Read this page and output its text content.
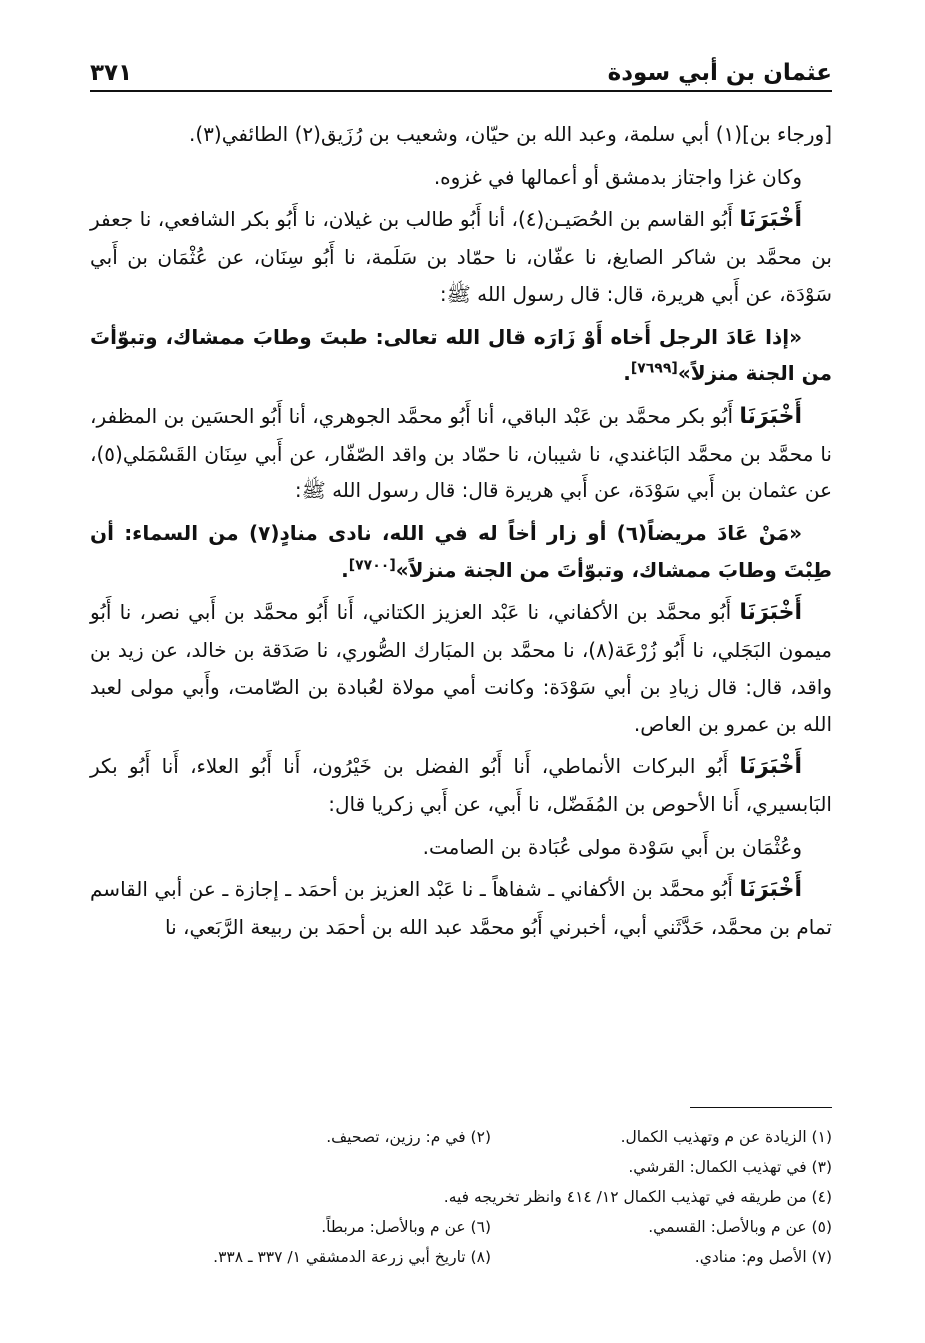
عثمان بن أبي سودة
٣٧١

[ورجاء بن](١) أبي سلمة، وعبد الله بن حيّان، وشعيب بن رُزَيق(٢) الطائفي(٣).

وكان غزا واجتاز بدمشق أو أعمالها في غزوه.

أَخْبَرَنَا أَبُو القاسم بن الحُصَيـن(٤)، أنا أَبُو طالب بن غيلان، نا أَبُو بكر الشافعي، نا جعفر بن محمَّد بن شاكر الصايغ، نا عفّان، نا حمّاد بن سَلَمة، نا أَبُو سِنَان، عن عُثْمَان بن أَبي سَوْدَة، عن أَبي هريرة، قال: قال رسول الله ﷺ:

«إذا عَادَ الرجل أَخاه أَوْ زَارَه قال الله تعالى: طبتَ وطابَ ممشاك، وتبوّأتَ من الجنة منزلاً»[٧٦٩٩].

أَخْبَرَنَا أَبُو بكر محمَّد بن عَبْد الباقي، أنا أَبُو محمَّد الجوهري، أنا أَبُو الحسَين بن المظفر، نا محمَّد بن محمَّد البَاغندي، نا شيبان، نا حمّاد بن واقد الصّفّار، عن أَبي سِنَان القَسْمَلي(٥)، عن عثمان بن أَبي سَوْدَة، عن أَبي هريرة قال: قال رسول الله ﷺ:

«مَنْ عَادَ مريضاً(٦) أو زار أخاً له في الله، نادى منادٍ(٧) من السماء: أن طِبْتَ وطابَ ممشاك، وتبوّأتَ من الجنة منزلاً»[٧٧٠٠].

أَخْبَرَنَا أَبُو محمَّد بن الأكفاني، نا عَبْد العزيز الكتاني، أَنا أَبُو محمَّد بن أَبي نصر، نا أَبُو ميمون البَجَلي، نا أَبُو زُرْعَة(٨)، نا محمَّد بن المبَارك الصُّوري، نا صَدَقة بن خالد، عن زيد بن واقد، قال: قال زيادِ بن أبي سَوْدَة: وكانت أمي مولاة لعُبادة بن الصّامت، وأَبي مولى لعبد الله بن عمرو بن العاص.

أَخْبَرَنَا أَبُو البركات الأنماطي، أَنا أَبُو الفضل بن خَيْرُون، أَنا أَبُو العلاء، أَنا أَبُو بكر البَابسيري، أَنا الأحوص بن المُفَضّل، نا أَبي، عن أَبي زكريا قال:

وعُثْمَان بن أَبي سَوْدة مولى عُبَادة بن الصامت.

أَخْبَرَنَا أَبُو محمَّد بن الأكفاني ـ شفاهاً ـ نا عَبْد العزيز بن أحمَد ـ إجازة ـ عن أبي القاسم تمام بن محمَّد، حَدَّثَني أبي، أخبرني أَبُو محمَّد عبد الله بن أحمَد بن ربيعة الرَّبَعي، نا

(١) الزيادة عن م وتهذيب الكمال.
(٢) في م: رزين، تصحيف.
(٣) في تهذيب الكمال: القرشي.
(٤) من طريقه في تهذيب الكمال ١٢/ ٤١٤ وانظر تخريجه فيه.
(٥) عن م وبالأصل: القسمي.
(٦) عن م وبالأصل: مربطاً.
(٧) الأصل وم: منادي.
(٨) تاريخ أبي زرعة الدمشقي ١/ ٣٣٧ ـ ٣٣٨.
